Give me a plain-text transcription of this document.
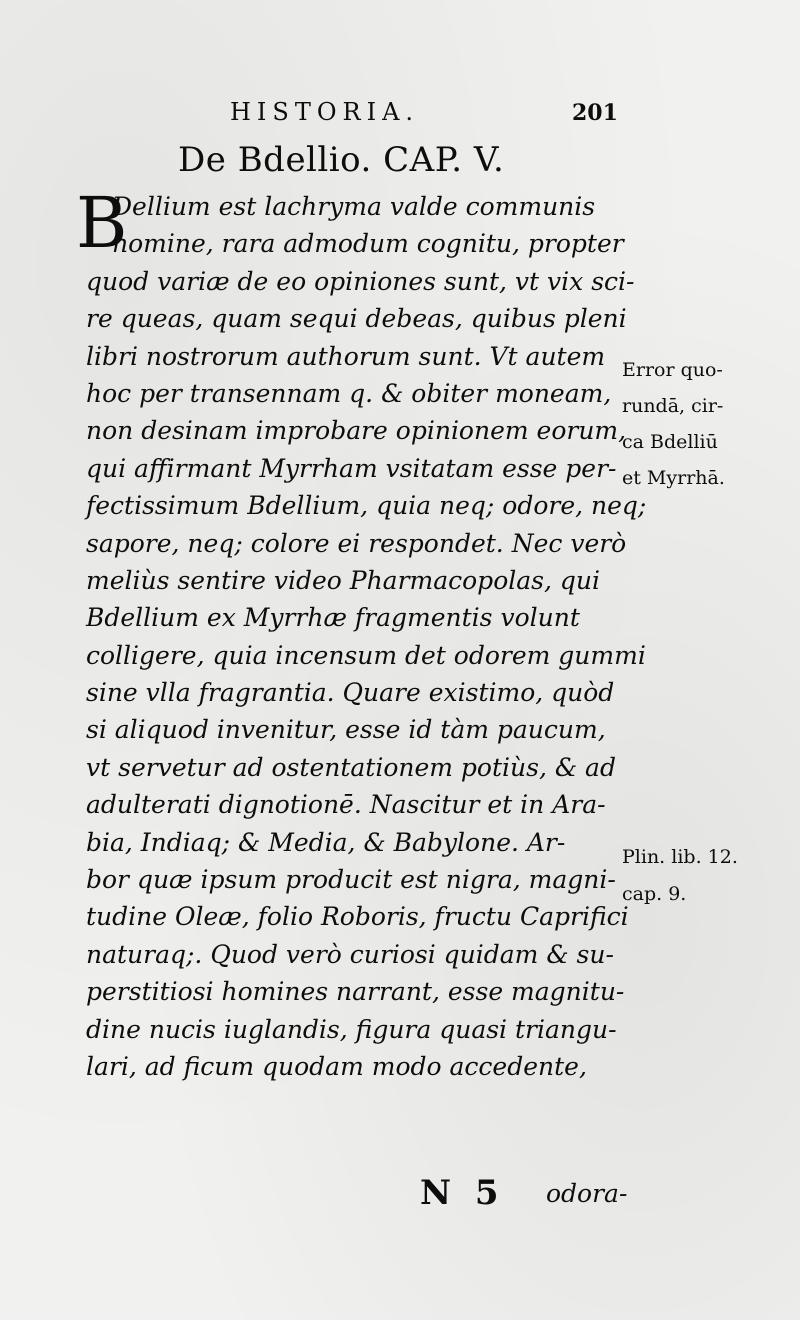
HISTORIA.	201
De Bdellio. CAP. V.
B
Dellium est lachryma valde communis
nomine, rara admodum cognitu, propter
quod variæ de eo opiniones sunt, vt vix sci-
re queas, quam sequi debeas, quibus pleni
libri nostrorum authorum sunt. Vt autem
hoc per transennam q. & obiter moneam,
non desinam improbare opinionem eorum,
qui affirmant Myrrham vsitatam esse per-
fectissimum Bdellium, quia neq; odore, neq;
sapore, neq; colore ei respondet. Nec verò
meliùs sentire video Pharmacopolas, qui
Bdellium ex Myrrhæ fragmentis volunt
colligere, quia incensum det odorem gummi
sine vlla fragrantia. Quare existimo, quòd
si aliquod invenitur, esse id tàm paucum,
vt servetur ad ostentationem potiùs, & ad
adulterati dignotionē. Nascitur et in Ara-
bia, Indiaq; & Media, & Babylone. Ar-
bor quæ ipsum producit est nigra, magni-
tudine Oleæ, folio Roboris, fructu Caprifici
naturaq;. Quod verò curiosi quidam & su-
perstitiosi homines narrant, esse magnitu-
dine nucis iuglandis, figura quasi triangu-
lari, ad ficum quodam modo accedente,
Error quo-
rundā, cir-
ca Bdelliū
et Myrrhā.
Plin. lib. 12.
cap. 9.
N 5 odora-
